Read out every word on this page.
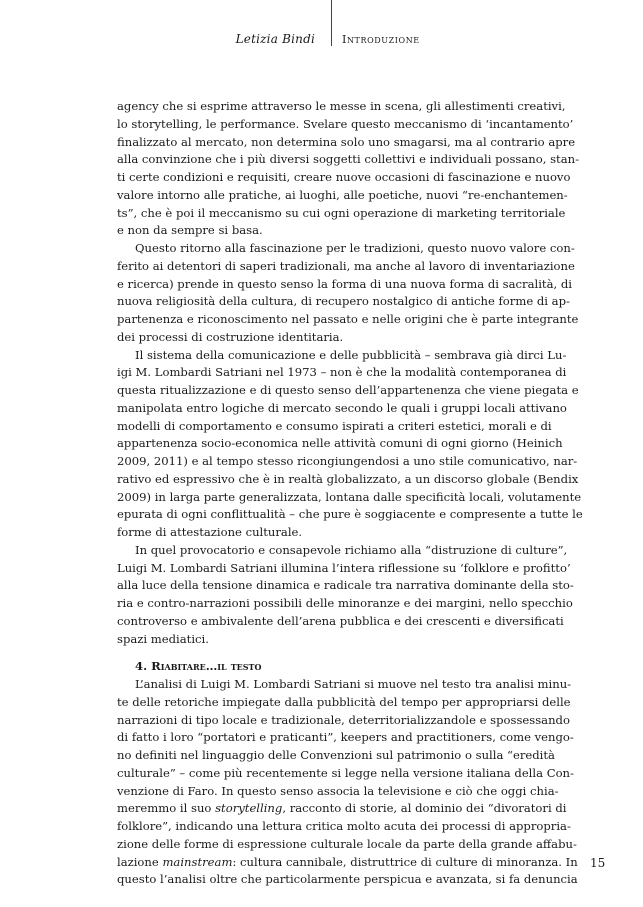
Letizia Bindi Introduzione
agency che si esprime attraverso le messe in scena, gli allestimenti creativi,
lo storytelling, le performance. Svelare questo meccanismo di ‘incantamento’
finalizzato al mercato, non determina solo uno smagarsi, ma al contrario apre
alla convinzione che i più diversi soggetti collettivi e individuali possano, stan-
ti certe condizioni e requisiti, creare nuove occasioni di fascinazione e nuovo
valore intorno alle pratiche, ai luoghi, alle poetiche, nuovi “re-enchantemen-
ts”, che è poi il meccanismo su cui ogni operazione di marketing territoriale
e non da sempre si basa.
Questo ritorno alla fascinazione per le tradizioni, questo nuovo valore con-
ferito ai detentori di saperi tradizionali, ma anche al lavoro di inventariazione
e ricerca) prende in questo senso la forma di una nuova forma di sacralità, di
nuova religiosità della cultura, di recupero nostalgico di antiche forme di ap-
partenenza e riconoscimento nel passato e nelle origini che è parte integrante
dei processi di costruzione identitaria.
Il sistema della comunicazione e delle pubblicità – sembrava già dirci Lu-
igi M. Lombardi Satriani nel 1973 – non è che la modalità contemporanea di
questa ritualizzazione e di questo senso dell’appartenenza che viene piegata e
manipolata entro logiche di mercato secondo le quali i gruppi locali attivano
modelli di comportamento e consumo ispirati a criteri estetici, morali e di
appartenenza socio-economica nelle attività comuni di ogni giorno (Heinich
2009, 2011) e al tempo stesso ricongiungendosi a uno stile comunicativo, nar-
rativo ed espressivo che è in realtà globalizzato, a un discorso globale (Bendix
2009) in larga parte generalizzata, lontana dalle specificità locali, volutamente
epurata di ogni conflittualità – che pure è soggiacente e compresente a tutte le
forme di attestazione culturale.
In quel provocatorio e consapevole richiamo alla “distruzione di culture”,
Luigi M. Lombardi Satriani illumina l’intera riflessione su ‘folklore e profitto’
alla luce della tensione dinamica e radicale tra narrativa dominante della sto-
ria e contro-narrazioni possibili delle minoranze e dei margini, nello specchio
controverso e ambivalente dell’arena pubblica e dei crescenti e diversificati
spazi mediatici.
4. Riabitare…il testo
L’analisi di Luigi M. Lombardi Satriani si muove nel testo tra analisi minu-
te delle retoriche impiegate dalla pubblicità del tempo per appropriarsi delle
narrazioni di tipo locale e tradizionale, deterritorializzandole e spossessando
di fatto i loro “portatori e praticanti”, keepers and practitioners, come vengo-
no definiti nel linguaggio delle Convenzioni sul patrimonio o sulla “eredità
culturale” – come più recentemente si legge nella versione italiana della Con-
venzione di Faro. In questo senso associa la televisione e ciò che oggi chia-
meremmo il suo storytelling, racconto di storie, al dominio dei “divoratori di
folklore”, indicando una lettura critica molto acuta dei processi di appropria-
zione delle forme di espressione culturale locale da parte della grande affabu-
lazione mainstream: cultura cannibale, distruttrice di culture di minoranza. In
questo l’analisi oltre che particolarmente perspicua e avanzata, si fa denuncia
15
